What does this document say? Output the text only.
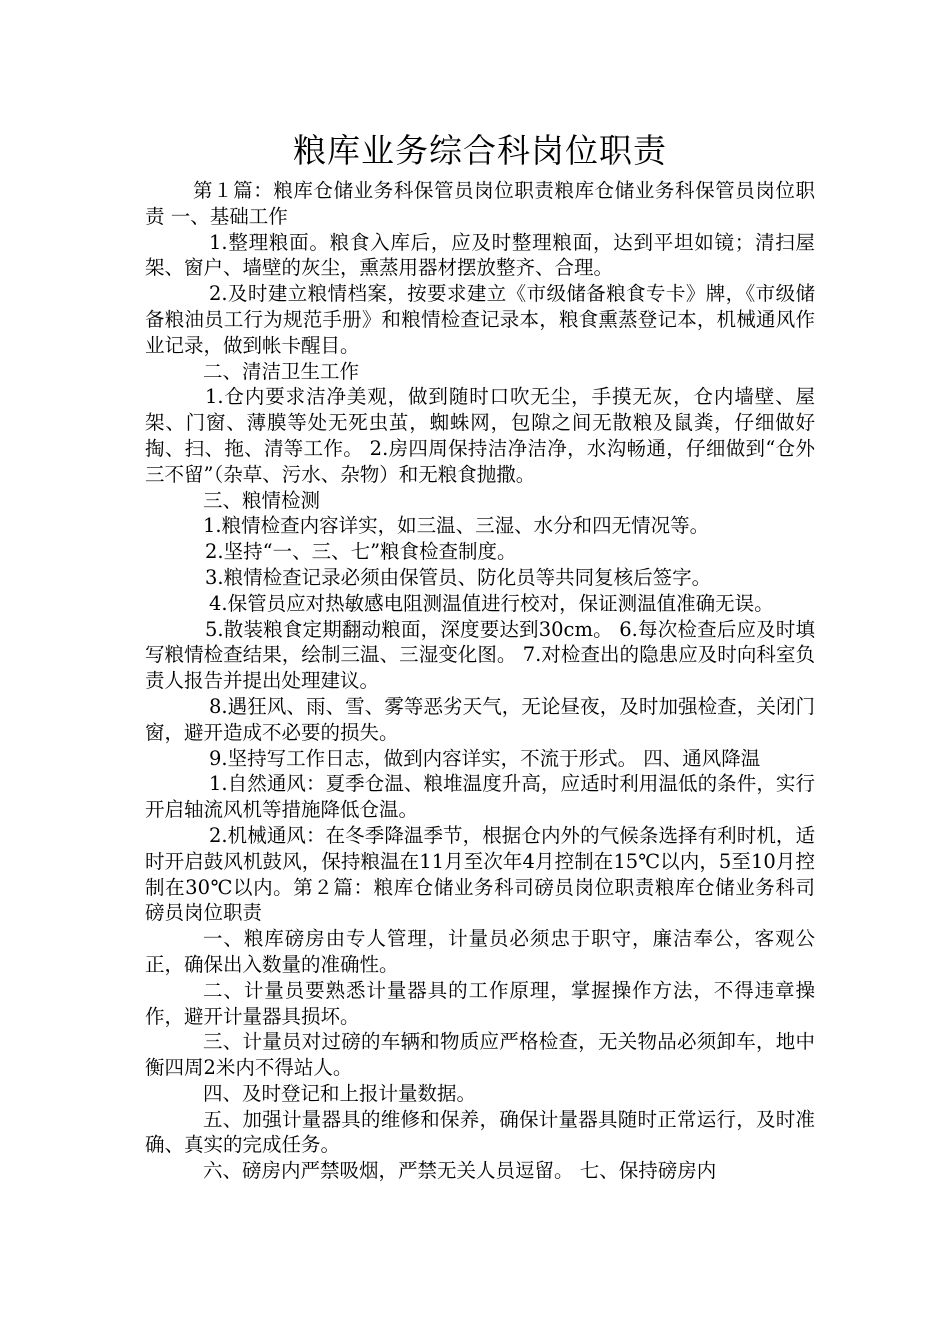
粮库业务综合科岗位职责

第１篇：粮库仓储业务科保管员岗位职责粮库仓储业务科保管员岗位职责 一、基础工作

1.整理粮面。粮食入库后，应及时整理粮面，达到平坦如镜；清扫屋架、窗户、墙壁的灰尘，熏蒸用器材摆放整齐、合理。

2.及时建立粮情档案，按要求建立《市级储备粮食专卡》牌，《市级储备粮油员工行为规范手册》和粮情检查记录本，粮食熏蒸登记本，机械通风作业记录，做到帐卡醒目。

二、清洁卫生工作

1.仓内要求洁净美观，做到随时口吹无尘，手摸无灰，仓内墙壁、屋架、门窗、薄膜等处无死虫茧，蜘蛛网，包隙之间无散粮及鼠粪，仔细做好掏、扫、拖、清等工作。 2.房四周保持洁净洁净，水沟畅通，仔细做到“仓外三不留”（杂草、污水、杂物）和无粮食抛撒。

三、粮情检测

1.粮情检查内容详实，如三温、三湿、水分和四无情况等。

2.坚持“一、三、七”粮食检查制度。

3.粮情检查记录必须由保管员、防化员等共同复核后签字。

4.保管员应对热敏感电阻测温值进行校对，保证测温值准确无误。

5.散装粮食定期翻动粮面，深度要达到30cm。 6.每次检查后应及时填写粮情检查结果，绘制三温、三湿变化图。 7.对检查出的隐患应及时向科室负责人报告并提出处理建议。

8.遇狂风、雨、雪、雾等恶劣天气，无论昼夜，及时加强检查，关闭门窗，避开造成不必要的损失。

9.坚持写工作日志，做到内容详实，不流于形式。 四、通风降温

1.自然通风：夏季仓温、粮堆温度升高，应适时利用温低的条件，实行开启轴流风机等措施降低仓温。

2.机械通风：在冬季降温季节，根据仓内外的气候条选择有利时机，适时开启鼓风机鼓风，保持粮温在11月至次年4月控制在15℃以内，5至10月控制在30℃以内。第２篇：粮库仓储业务科司磅员岗位职责粮库仓储业务科司磅员岗位职责

一、粮库磅房由专人管理，计量员必须忠于职守，廉洁奉公，客观公正，确保出入数量的准确性。

二、计量员要熟悉计量器具的工作原理，掌握操作方法，不得违章操作，避开计量器具损坏。

三、计量员对过磅的车辆和物质应严格检查，无关物品必须卸车，地中衡四周2米内不得站人。

四、及时登记和上报计量数据。

五、加强计量器具的维修和保养，确保计量器具随时正常运行，及时准确、真实的完成任务。

六、磅房内严禁吸烟，严禁无关人员逗留。 七、保持磅房内
